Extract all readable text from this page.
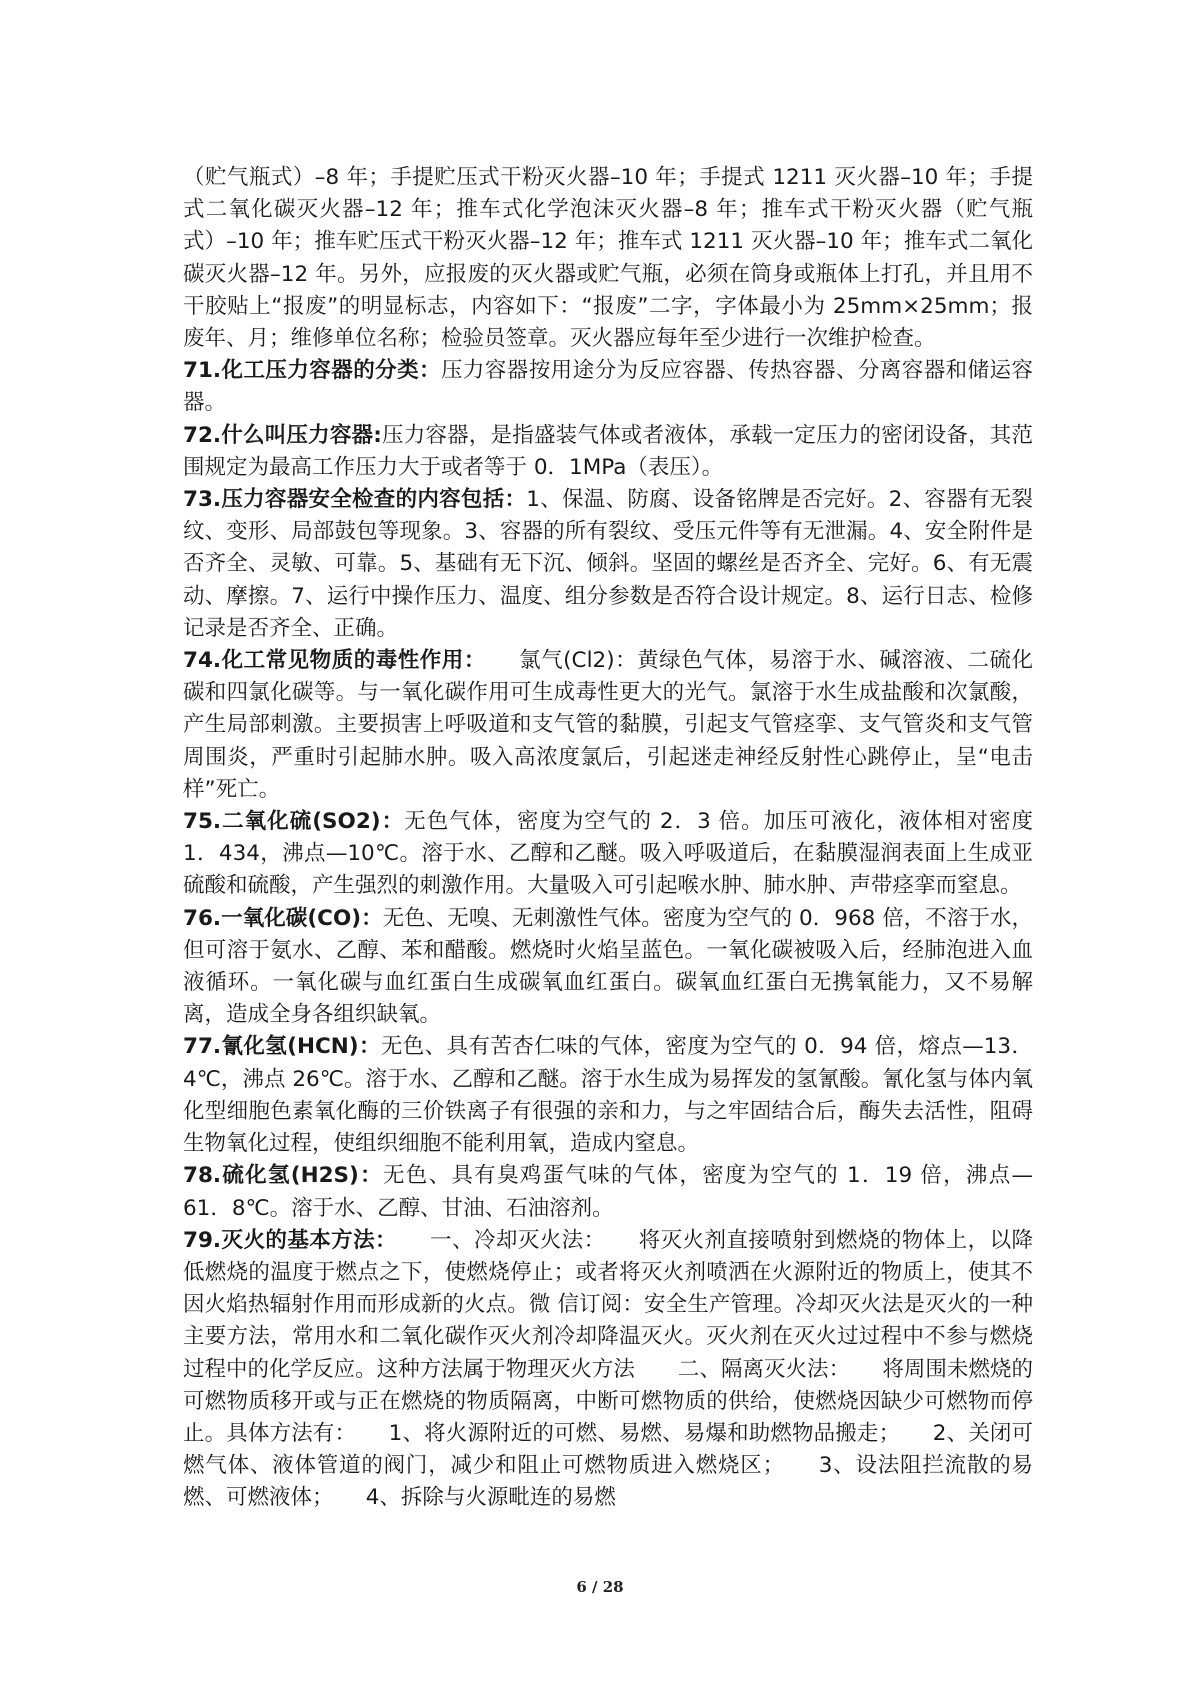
（贮气瓶式）–8 年；手提贮压式干粉灭火器–10 年；手提式 1211 灭火器–10 年；手提式二氧化碳灭火器–12 年；推车式化学泡沫灭火器–8 年；推车式干粉灭火器（贮气瓶式）–10 年；推车贮压式干粉灭火器–12 年；推车式 1211 灭火器–10 年；推车式二氧化碳灭火器–12 年。另外，应报废的灭火器或贮气瓶，必须在筒身或瓶体上打孔，并且用不干胶贴上“报废”的明显标志，内容如下：“报废”二字，字体最小为 25mm×25mm；报废年、月；维修单位名称；检验员签章。灭火器应每年至少进行一次维护检查。

71.化工压力容器的分类：压力容器按用途分为反应容器、传热容器、分离容器和储运容器。

72.什么叫压力容器:压力容器，是指盛装气体或者液体，承载一定压力的密闭设备，其范围规定为最高工作压力大于或者等于 0．1MPa（表压）。

73.压力容器安全检查的内容包括：1、保温、防腐、设备铭牌是否完好。2、容器有无裂纹、变形、局部鼓包等现象。3、容器的所有裂纹、受压元件等有无泄漏。4、安全附件是否齐全、灵敏、可靠。5、基础有无下沉、倾斜。坚固的螺丝是否齐全、完好。6、有无震动、摩擦。7、运行中操作压力、温度、组分参数是否符合设计规定。8、运行日志、检修记录是否齐全、正确。

74.化工常见物质的毒性作用：　　氯气(Cl2)：黄绿色气体，易溶于水、碱溶液、二硫化碳和四氯化碳等。与一氧化碳作用可生成毒性更大的光气。氯溶于水生成盐酸和次氯酸，产生局部刺激。主要损害上呼吸道和支气管的黏膜，引起支气管痉挛、支气管炎和支气管周围炎，严重时引起肺水肿。吸入高浓度氯后，引起迷走神经反射性心跳停止，呈“电击样”死亡。

75.二氧化硫(SO2)：无色气体，密度为空气的 2．3 倍。加压可液化，液体相对密度 1．434，沸点—10℃。溶于水、乙醇和乙醚。吸入呼吸道后，在黏膜湿润表面上生成亚硫酸和硫酸，产生强烈的刺激作用。大量吸入可引起喉水肿、肺水肿、声带痉挛而窒息。

76.一氧化碳(CO)：无色、无嗅、无刺激性气体。密度为空气的 0．968 倍，不溶于水，但可溶于氨水、乙醇、苯和醋酸。燃烧时火焰呈蓝色。一氧化碳被吸入后，经肺泡进入血液循环。一氧化碳与血红蛋白生成碳氧血红蛋白。碳氧血红蛋白无携氧能力，又不易解离，造成全身各组织缺氧。

77.氰化氢(HCN)：无色、具有苦杏仁味的气体，密度为空气的 0．94 倍，熔点—13．4℃，沸点 26℃。溶于水、乙醇和乙醚。溶于水生成为易挥发的氢氰酸。氰化氢与体内氧化型细胞色素氧化酶的三价铁离子有很强的亲和力，与之牢固结合后，酶失去活性，阻碍生物氧化过程，使组织细胞不能利用氧，造成内窒息。

78.硫化氢(H2S)：无色、具有臭鸡蛋气味的气体，密度为空气的 1．19 倍，沸点—61．8℃。溶于水、乙醇、甘油、石油溶剂。

79.灭火的基本方法：　　一、冷却灭火法：　　将灭火剂直接喷射到燃烧的物体上，以降低燃烧的温度于燃点之下，使燃烧停止；或者将灭火剂喷洒在火源附近的物质上，使其不因火焰热辐射作用而形成新的火点。微 信订阅：安全生产管理。冷却灭火法是灭火的一种主要方法，常用水和二氧化碳作灭火剂冷却降温灭火。灭火剂在灭火过过程中不参与燃烧过程中的化学反应。这种方法属于物理灭火方法　　二、隔离灭火法：　　将周围未燃烧的可燃物质移开或与正在燃烧的物质隔离，中断可燃物质的供给，使燃烧因缺少可燃物而停止。具体方法有：　　1、将火源附近的可燃、易燃、易爆和助燃物品搬走；　　2、关闭可燃气体、液体管道的阀门，减少和阻止可燃物质进入燃烧区；　　3、设法阻拦流散的易燃、可燃液体；　　4、拆除与火源毗连的易燃

6 / 28
